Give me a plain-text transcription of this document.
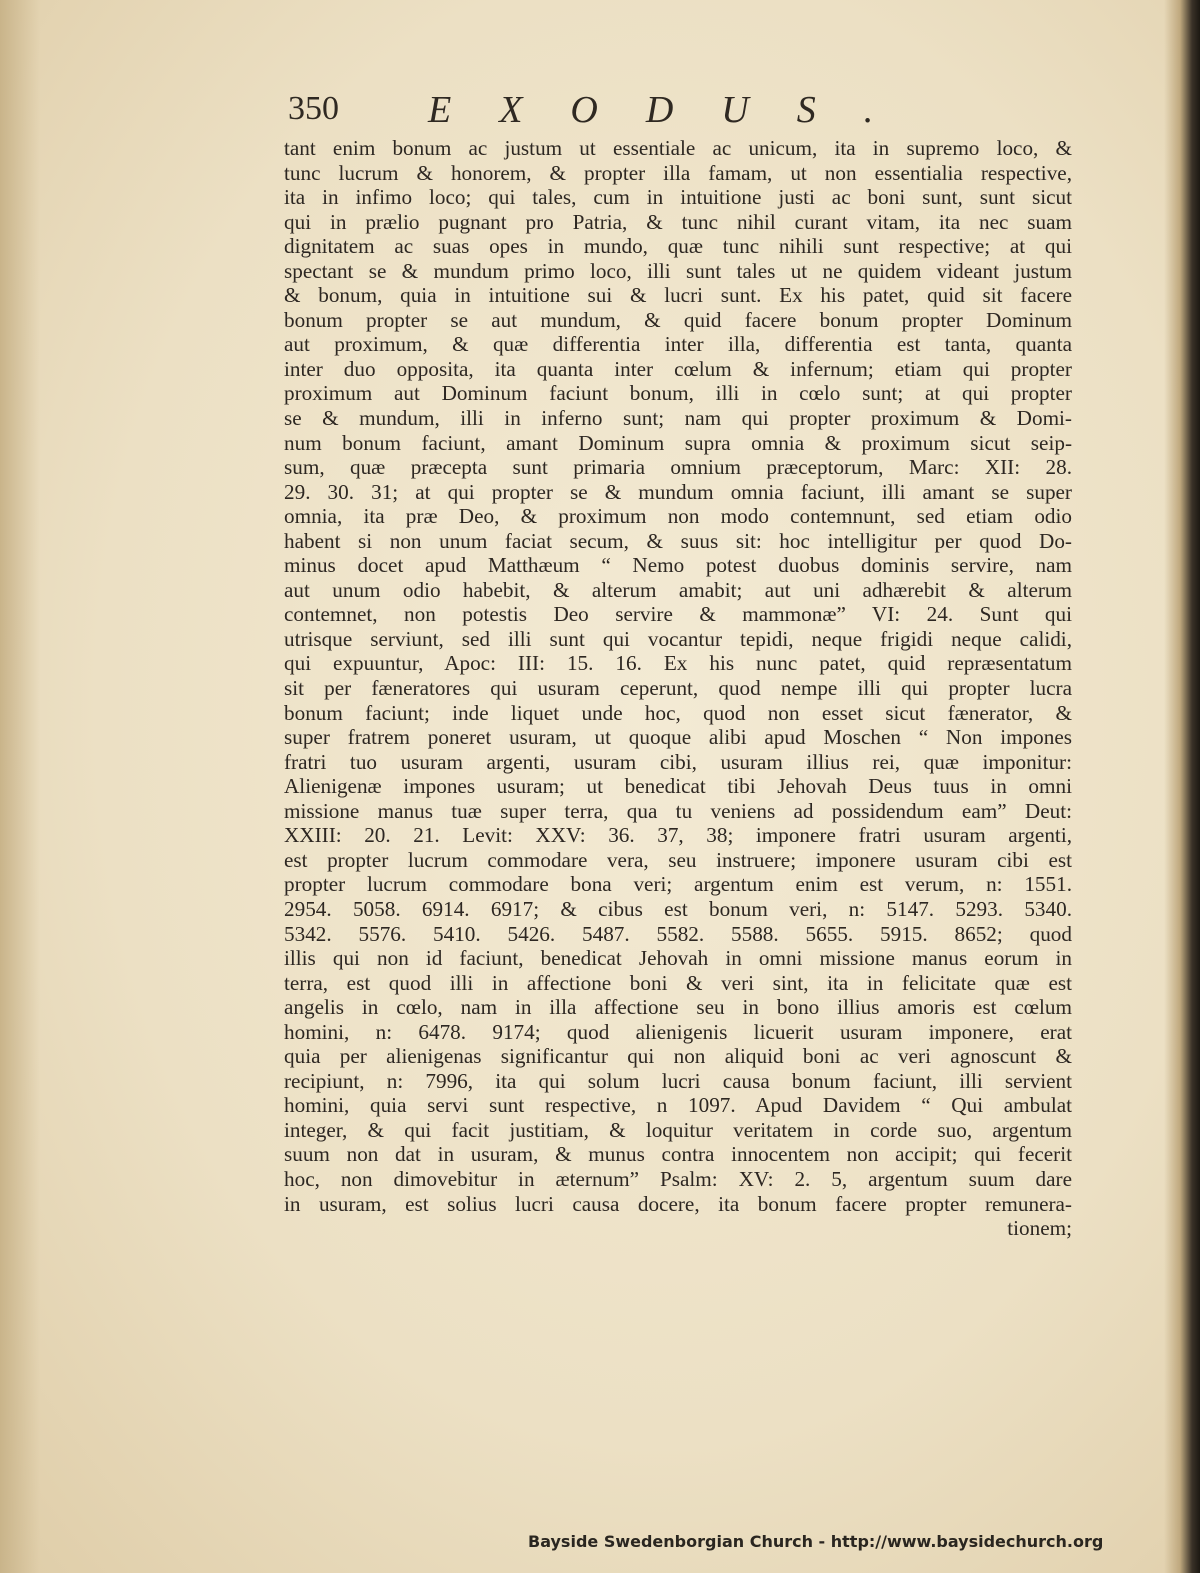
350 EXODUS.
tant enim bonum ac justum ut essentiale ac unicum, ita in supremo loco, &
tunc lucrum & honorem, & propter illa famam, ut non essentialia respective,
ita in infimo loco; qui tales, cum in intuitione justi ac boni sunt, sunt sicut
qui in prælio pugnant pro Patria, & tunc nihil curant vitam, ita nec suam
dignitatem ac suas opes in mundo, quæ tunc nihili sunt respective; at qui
spectant se & mundum primo loco, illi sunt tales ut ne quidem videant justum
& bonum, quia in intuitione sui & lucri sunt. Ex his patet, quid sit facere
bonum propter se aut mundum, & quid facere bonum propter Dominum
aut proximum, & quæ differentia inter illa, differentia est tanta, quanta
inter duo opposita, ita quanta inter cœlum & infernum; etiam qui propter
proximum aut Dominum faciunt bonum, illi in cœlo sunt; at qui propter
se & mundum, illi in inferno sunt; nam qui propter proximum & Domi-
num bonum faciunt, amant Dominum supra omnia & proximum sicut seip-
sum, quæ præcepta sunt primaria omnium præceptorum, Marc: XII: 28.
29. 30. 31; at qui propter se & mundum omnia faciunt, illi amant se super
omnia, ita præ Deo, & proximum non modo contemnunt, sed etiam odio
habent si non unum faciat secum, & suus sit: hoc intelligitur per quod Do-
minus docet apud Matthæum “ Nemo potest duobus dominis servire, nam
aut unum odio habebit, & alterum amabit; aut uni adhærebit & alterum
contemnet, non potestis Deo servire & mammonæ” VI: 24. Sunt qui
utrisque serviunt, sed illi sunt qui vocantur tepidi, neque frigidi neque calidi,
qui expuuntur, Apoc: III: 15. 16. Ex his nunc patet, quid repræsentatum
sit per fæneratores qui usuram ceperunt, quod nempe illi qui propter lucra
bonum faciunt; inde liquet unde hoc, quod non esset sicut fænerator, &
super fratrem poneret usuram, ut quoque alibi apud Moschen “ Non impones
fratri tuo usuram argenti, usuram cibi, usuram illius rei, quæ imponitur:
Alienigenæ impones usuram; ut benedicat tibi Jehovah Deus tuus in omni
missione manus tuæ super terra, qua tu veniens ad possidendum eam” Deut:
XXIII: 20. 21. Levit: XXV: 36. 37, 38; imponere fratri usuram argenti,
est propter lucrum commodare vera, seu instruere; imponere usuram cibi est
propter lucrum commodare bona veri; argentum enim est verum, n: 1551.
2954. 5058. 6914. 6917; & cibus est bonum veri, n: 5147. 5293. 5340.
5342. 5576. 5410. 5426. 5487. 5582. 5588. 5655. 5915. 8652; quod
illis qui non id faciunt, benedicat Jehovah in omni missione manus eorum in
terra, est quod illi in affectione boni & veri sint, ita in felicitate quæ est
angelis in cœlo, nam in illa affectione seu in bono illius amoris est cœlum
homini, n: 6478. 9174; quod alienigenis licuerit usuram imponere, erat
quia per alienigenas significantur qui non aliquid boni ac veri agnoscunt &
recipiunt, n: 7996, ita qui solum lucri causa bonum faciunt, illi servient
homini, quia servi sunt respective, n 1097. Apud Davidem “ Qui ambulat
integer, & qui facit justitiam, & loquitur veritatem in corde suo, argentum
suum non dat in usuram, & munus contra innocentem non accipit; qui fecerit
hoc, non dimovebitur in æternum” Psalm: XV: 2. 5, argentum suum dare
in usuram, est solius lucri causa docere, ita bonum facere propter remunera-
tionem;
Bayside Swedenborgian Church - http://www.baysidechurch.org
